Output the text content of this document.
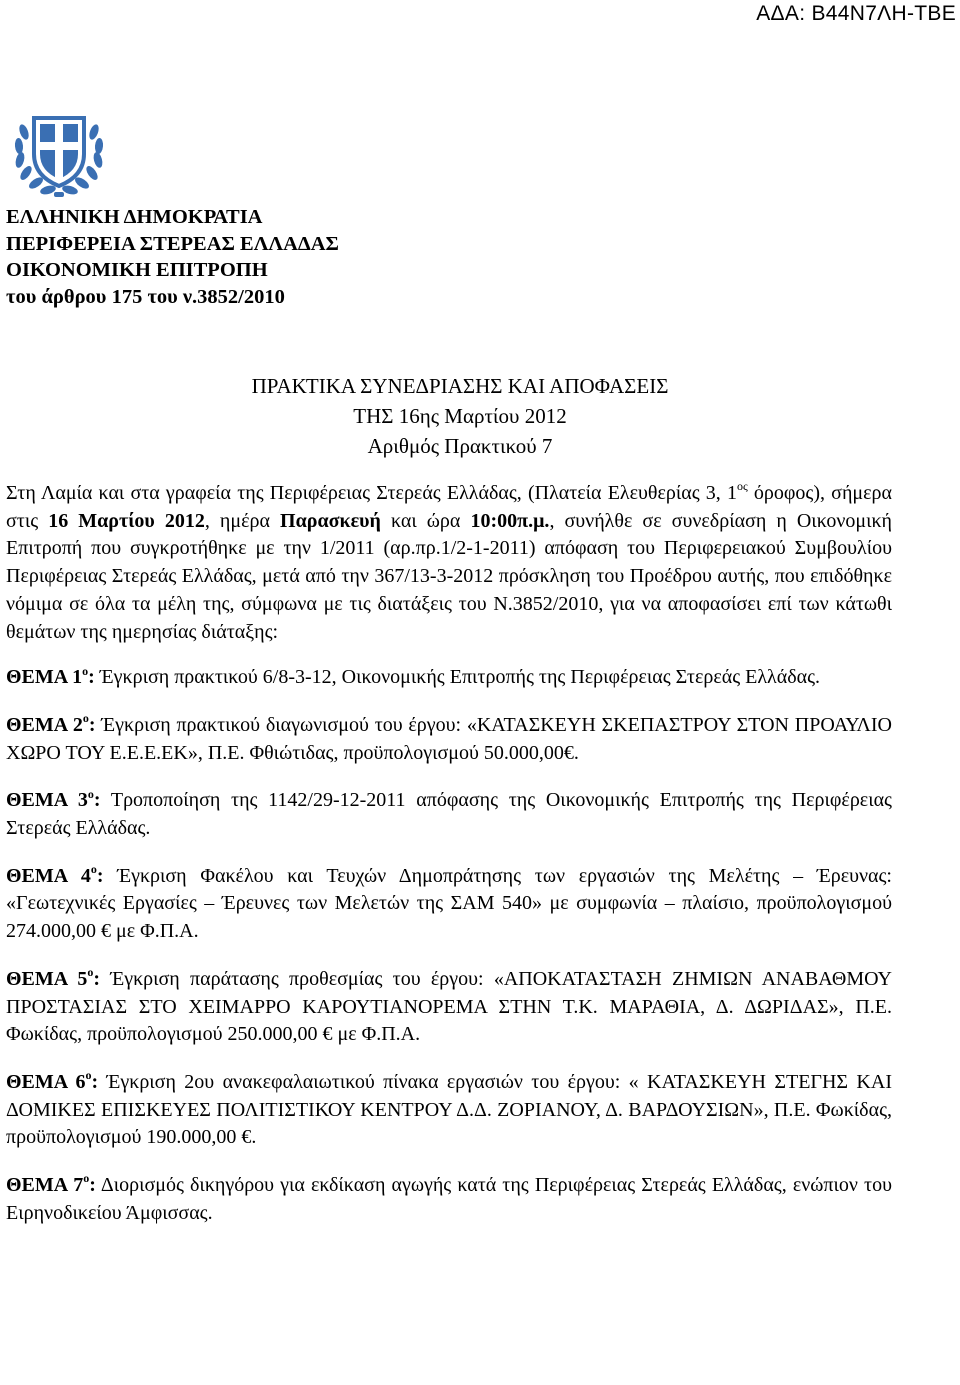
ΑΔΑ: Β44Ν7ΛΗ-ΤΒΕ
ΕΛΛΗΝΙΚΗ ΔΗΜΟΚΡΑΤΙΑ
ΠΕΡΙΦΕΡΕΙΑ ΣΤΕΡΕΑΣ ΕΛΛΑΔΑΣ
ΟΙΚΟΝΟΜΙΚΗ ΕΠΙΤΡΟΠΗ
του άρθρου 175 του ν.3852/2010
ΠΡΑΚΤΙΚΑ ΣΥΝΕΔΡΙΑΣΗΣ ΚΑΙ ΑΠΟΦΑΣΕΙΣ
ΤΗΣ 16ης Μαρτίου 2012
Αριθμός Πρακτικού 7

Στη Λαμία και στα γραφεία της Περιφέρειας Στερεάς Ελλάδας, (Πλατεία Ελευθερίας 3, $1^{o\varsigma}$ όροφος), σήμερα στις 16 Μαρτίου 2012, ημέρα Παρασκευή και ώρα 10:00π.μ., συνήλθε σε συνεδρίαση η Οικονομική Επιτροπή που συγκροτήθηκε με την 1/2011 (αρ.πρ.1/2-1-2011) απόφαση του Περιφερειακού Συμβουλίου Περιφέρειας Στερεάς Ελλάδας, μετά από την 367/13-3-2012 πρόσκληση του Προέδρου αυτής, που επιδόθηκε νόμιμα σε όλα τα μέλη της, σύμφωνα με τις διατάξεις του Ν.3852/2010, για να αποφασίσει επί των κάτωθι θεμάτων της ημερησίας διάταξης:

ΘΕΜΑ $1^o$: Έγκριση πρακτικού 6/8-3-12, Οικονομικής Επιτροπής της Περιφέρειας Στερεάς Ελλάδας.

ΘΕΜΑ $2^o$: Έγκριση πρακτικού διαγωνισμού του έργου: «ΚΑΤΑΣΚΕΥΗ ΣΚΕΠΑΣΤΡΟΥ ΣΤΟΝ ΠΡΟΑΥΛΙΟ ΧΩΡΟ ΤΟΥ Ε.Ε.Ε.ΕΚ», Π.Ε. Φθιώτιδας, προϋπολογισμού 50.000,00€.

ΘΕΜΑ $3^o$: Τροποποίηση της 1142/29-12-2011 απόφασης της Οικονομικής Επιτροπής της Περιφέρειας Στερεάς Ελλάδας.

ΘΕΜΑ $4^o$: Έγκριση Φακέλου και Τευχών Δημοπράτησης των εργασιών της Μελέτης – Έρευνας: «Γεωτεχνικές Εργασίες – Έρευνες των Μελετών της ΣΑΜ 540» με συμφωνία – πλαίσιο, προϋπολογισμού 274.000,00 € με Φ.Π.Α.

ΘΕΜΑ $5^o$: Έγκριση παράτασης προθεσμίας του έργου: «ΑΠΟΚΑΤΑΣΤΑΣΗ ΖΗΜΙΩΝ ΑΝΑΒΑΘΜΟΥ ΠΡΟΣΤΑΣΙΑΣ ΣΤΟ ΧΕΙΜΑΡΡΟ ΚΑΡΟΥΤΙΑΝΟΡΕΜΑ ΣΤΗΝ Τ.Κ. ΜΑΡΑΘΙΑ, Δ. ΔΩΡΙΔΑΣ», Π.Ε. Φωκίδας, προϋπολογισμού 250.000,00 € με Φ.Π.Α.

ΘΕΜΑ $6^o$: Έγκριση 2ου ανακεφαλαιωτικού πίνακα εργασιών του έργου: « ΚΑΤΑΣΚΕΥΗ ΣΤΕΓΗΣ ΚΑΙ ΔΟΜΙΚΕΣ ΕΠΙΣΚΕΥΕΣ ΠΟΛΙΤΙΣΤΙΚΟΥ ΚΕΝΤΡΟΥ Δ.Δ. ΖΟΡΙΑΝΟΥ, Δ. ΒΑΡΔΟΥΣΙΩΝ», Π.Ε. Φωκίδας, προϋπολογισμού 190.000,00 €.

ΘΕΜΑ $7^o$: Διορισμός δικηγόρου για εκδίκαση αγωγής κατά της Περιφέρειας Στερεάς Ελλάδας, ενώπιον του Ειρηνοδικείου Άμφισσας.
